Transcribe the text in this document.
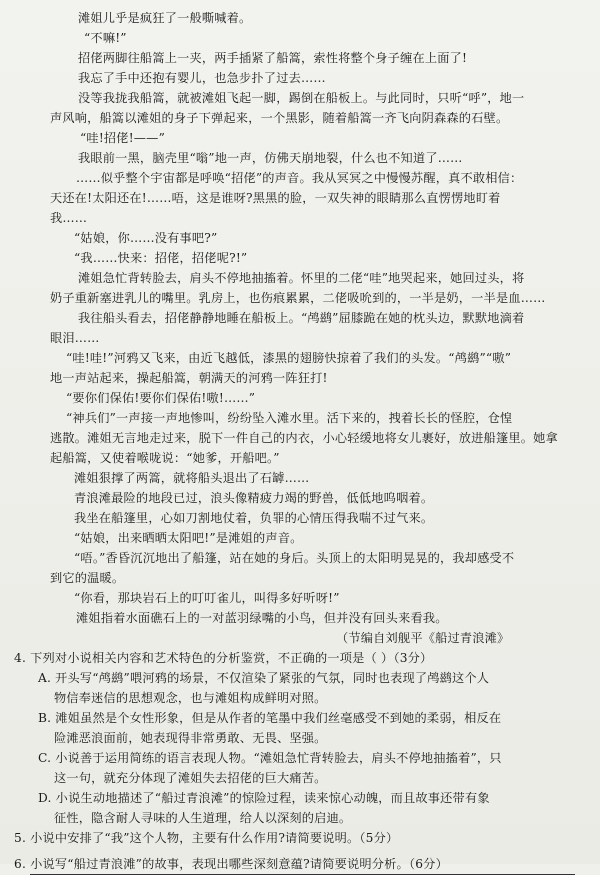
滩姐儿乎是疯狂了一般嘶喊着。
“不嘛!”
招佬两脚往船篙上一夹，两手插紧了船篙，索性将整个身子缠在上面了!
我忘了手中还抱有婴儿，也急步扑了过去……
没等我拢我船篙，就被滩姐飞起一脚，踢倒在船板上。与此同时，只听“呼”，地一
声风响，船篙以滩姐的身子下弹起来，一个黑影，随着船篙一齐飞向阴森森的石壁。
“哇!招佬!——”
我眼前一黑，脑壳里“嗡”地一声，仿佛天崩地裂，什么也不知道了……
……似乎整个宇宙都是呼唤“招佬”的声音。我从冥冥之中慢慢苏醒，真不敢相信：
天还在!太阳还在!……唔，这是谁呀?黑黑的脸，一双失神的眼睛那么直愣愣地盯着
我……
“姑娘，你……没有事吧?”
“我……快来：招佬，招佬呢?!”
滩姐急忙背转脸去，肩头不停地抽搐着。怀里的二佬“哇”地哭起来，她回过头，将
奶子重新塞进乳儿的嘴里。乳房上，也伤痕累累，二佬吸吮到的，一半是奶，一半是血……
我往船头看去，招佬静静地睡在船板上。“鸬鹚”屈膝跪在她的枕头边，默默地滴着
眼泪……
“哇!哇!”河鸦又飞来，由近飞越低，漆黑的翅膀快掠着了我们的头发。“鸬鹚”“嗷”
地一声站起来，操起船篙，朝满天的河鸦一阵狂打!
“要你们保佑!要你们保佑!嗷!……”
“神兵们”一声接一声地惨叫，纷纷坠入滩水里。活下来的，拽着长长的怪腔，仓惶
逃散。滩姐无言地走过来，脱下一件自己的内衣，小心轻缓地将女儿裹好，放进船篷里。她拿
起船篙，又使着喉咙说：“她爹，开船吧。”
滩姐狠撑了两篙，就将船头退出了石罅……
青浪滩最险的地段已过，浪头像精疲力竭的野兽，低低地呜咽着。
我坐在船篷里，心如刀割地仗着，负罪的心情压得我喘不过气来。
“姑娘，出来晒晒太阳吧!”是滩姐的声音。
“唔。”香昏沉沉地出了船篷，站在她的身后。头顶上的太阳明晃晃的，我却感受不
到它的温暖。
“你看，那块岩石上的叮叮雀儿，叫得多好听呀!”
滩姐指着水面礁石上的一对蓝羽绿嘴的小鸟，但并没有回头来看我。
（节编自刘舰平《船过青浪滩》
4. 下列对小说相关内容和艺术特色的分析鉴赏，不正确的一项是（ ）（3分）
A. 开头写“鸬鹚”喂河鸦的场景，不仅渲染了紧张的气氛，同时也表现了鸬鹚这个人
物信奉迷信的思想观念，也与滩姐构成鲜明对照。
B. 滩姐虽然是个女性形象，但是从作者的笔墨中我们丝毫感受不到她的柔弱，相反在
险滩恶浪面前，她表现得非常勇敢、无畏、坚强。
C. 小说善于运用简练的语言表现人物。“滩姐急忙背转脸去，肩头不停地抽搐着”，只
这一句，就充分体现了滩姐失去招佬的巨大痛苦。
D. 小说生动地描述了“船过青浪滩”的惊险过程，读来惊心动魄，而且故事还带有象
征性，隐含耐人寻味的人生道理，给人以深刻的启迪。
5. 小说中安排了“我”这个人物，主要有什么作用?请简要说明。（5分）
6. 小说写“船过青浪滩”的故事，表现出哪些深刻意蕴?请简要说明分析。（6分）
